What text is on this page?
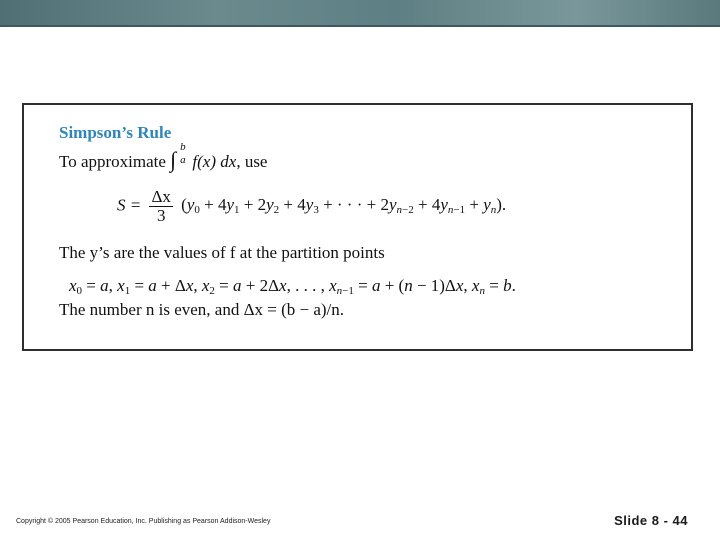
Simpson’s Rule
To approximate ∫ b
a f(x) dx, use
$S = \frac{\Delta x}{3} (y_0 + 4y_1 + 2y_2 + 4y_3$ + · · · + $2y_{n-2} + 4y_{n-1} + y_n$).
The y’s are the values of f at the partition points
$x_0 = a$, $x_1 = a + \Delta x$, $x_2 = a + 2\Delta x$, . . . , $x_{n-1} = a + (n - 1)\Delta x$, $x_n = b$.
The number n is even, and Δx = (b − a)/n.
Copyright © 2005 Pearson Education, Inc. Publishing as Pearson Addison-Wesley	Slide 8 - 44
